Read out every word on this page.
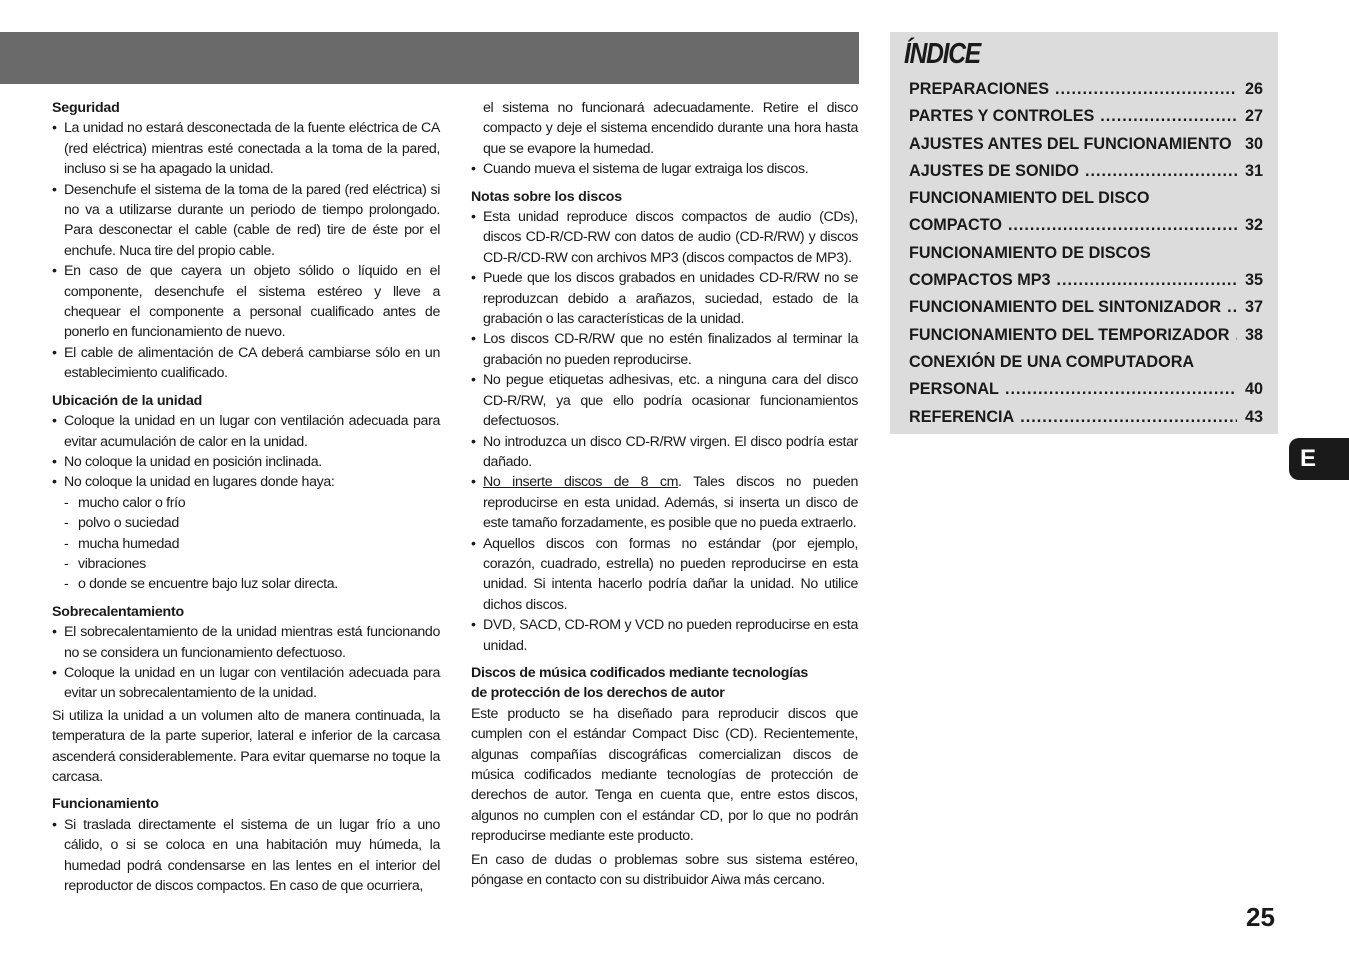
Seguridad

• La unidad no estará desconectada de la fuente eléctrica de CA (red eléctrica) mientras esté conectada a la toma de la pared, incluso si se ha apagado la unidad.
• Desenchufe el sistema de la toma de la pared (red eléctrica) si no va a utilizarse durante un periodo de tiempo prolongado. Para desconectar el cable (cable de red) tire de éste por el enchufe. Nuca tire del propio cable.
• En caso de que cayera un objeto sólido o líquido en el componente, desenchufe el sistema estéreo y lleve a chequear el componente a personal cualificado antes de ponerlo en funcionamiento de nuevo.
• El cable de alimentación de CA deberá cambiarse sólo en un establecimiento cualificado.

Ubicación de la unidad

• Coloque la unidad en un lugar con ventilación adecuada para evitar acumulación de calor en la unidad.
• No coloque la unidad en posición inclinada.
• No coloque la unidad en lugares donde haya:
- mucho calor o frío
- polvo o suciedad
- mucha humedad
- vibraciones
- o donde se encuentre bajo luz solar directa.

Sobrecalentamiento

• El sobrecalentamiento de la unidad mientras está funcionando no se considera un funcionamiento defectuoso.
• Coloque la unidad en un lugar con ventilación adecuada para evitar un sobrecalentamiento de la unidad.

Si utiliza la unidad a un volumen alto de manera continuada, la temperatura de la parte superior, lateral e inferior de la carcasa ascenderá considerablemente. Para evitar quemarse no toque la carcasa.

Funcionamiento

• Si traslada directamente el sistema de un lugar frío a uno cálido, o si se coloca en una habitación muy húmeda, la humedad podrá condensarse en las lentes en el interior del reproductor de discos compactos. En caso de que ocurriera,

el sistema no funcionará adecuadamente. Retire el disco compacto y deje el sistema encendido durante una hora hasta que se evapore la humedad.

• Cuando mueva el sistema de lugar extraiga los discos.

Notas sobre los discos

• Esta unidad reproduce discos compactos de audio (CDs), discos CD-R/CD-RW con datos de audio (CD-R/RW) y discos CD-R/CD-RW con archivos MP3 (discos compactos de MP3).
• Puede que los discos grabados en unidades CD-R/RW no se reproduzcan debido a arañazos, suciedad, estado de la grabación o las características de la unidad.
• Los discos CD-R/RW que no estén finalizados al terminar la grabación no pueden reproducirse.
• No pegue etiquetas adhesivas, etc. a ninguna cara del disco CD-R/RW, ya que ello podría ocasionar funcionamientos defectuosos.
• No introduzca un disco CD-R/RW virgen. El disco podría estar dañado.
• No inserte discos de 8 cm. Tales discos no pueden reproducirse en esta unidad. Además, si inserta un disco de este tamaño forzadamente, es posible que no pueda extraerlo.
• Aquellos discos con formas no estándar (por ejemplo, corazón, cuadrado, estrella) no pueden reproducirse en esta unidad. Si intenta hacerlo podría dañar la unidad. No utilice dichos discos.
• DVD, SACD, CD-ROM y VCD no pueden reproducirse en esta unidad.

Discos de música codificados mediante tecnologías
de protección de los derechos de autor

Este producto se ha diseñado para reproducir discos que cumplen con el estándar Compact Disc (CD). Recientemente, algunas compañías discográficas comercializan discos de música codificados mediante tecnologías de protección de derechos de autor. Tenga en cuenta que, entre estos discos, algunos no cumplen con el estándar CD, por lo que no podrán reproducirse mediante este producto.

En caso de dudas o problemas sobre sus sistema estéreo, póngase en contacto con su distribuidor Aiwa más cercano.

ÍNDICE
PREPARACIONES .....	26
PARTES Y CONTROLES .....	27
AJUSTES ANTES DEL FUNCIONAMIENTO 30
AJUSTES DE SONIDO .....	31
FUNCIONAMIENTO DEL DISCO
COMPACTO .....	32
FUNCIONAMIENTO DE DISCOS
COMPACTOS MP3 .....	35
FUNCIONAMIENTO DEL SINTONIZADOR ..... 37
FUNCIONAMIENTO DEL TEMPORIZADOR ..... 38
CONEXIÓN DE UNA COMPUTADORA
PERSONAL .....	40
REFERENCIA .....	43
E
25
